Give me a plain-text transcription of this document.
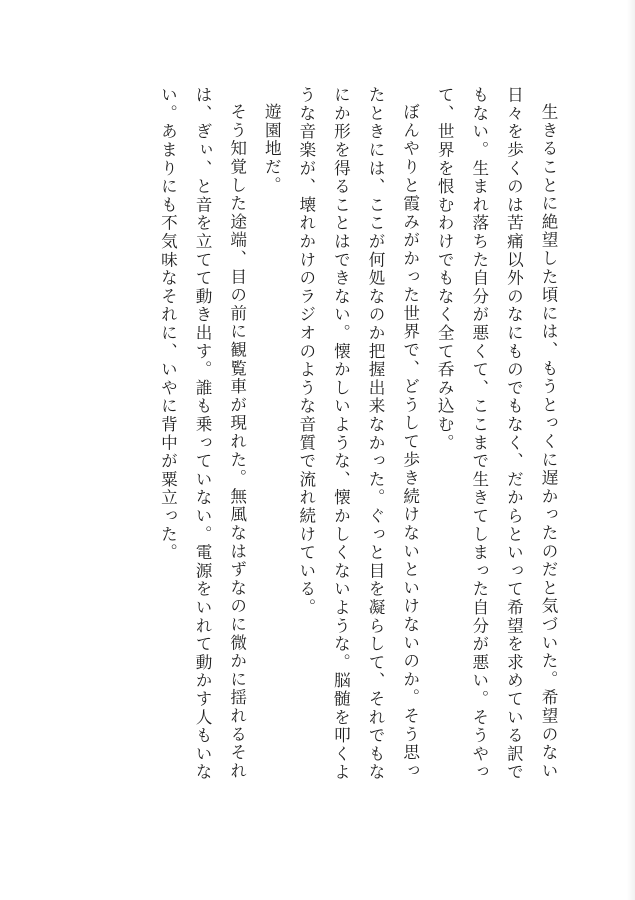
生きることに絶望した頃には、もうとっくに遅かったのだと気づいた。希望のない日々を歩くのは苦痛以外のなにものでもなく、だからといって希望を求めている訳でもない。生まれ落ちた自分が悪くて、ここまで生きてしまった自分が悪い。そうやって、世界を恨むわけでもなく全て呑み込む。

ぼんやりと霞みがかった世界で、どうして歩き続けないといけないのか。そう思ったときには、ここが何処なのか把握出来なかった。ぐっと目を凝らして、それでもなにか形を得ることはできない。懐かしいような、懐かしくないような。脳髄を叩くような音楽が、壊れかけのラジオのような音質で流れ続けている。

遊園地だ。

そう知覚した途端、目の前に観覧車が現れた。無風なはずなのに微かに揺れるそれは、ぎぃ、と音を立てて動き出す。誰も乗っていない。電源をいれて動かす人もいない。あまりにも不気味なそれに、いやに背中が粟立った。
